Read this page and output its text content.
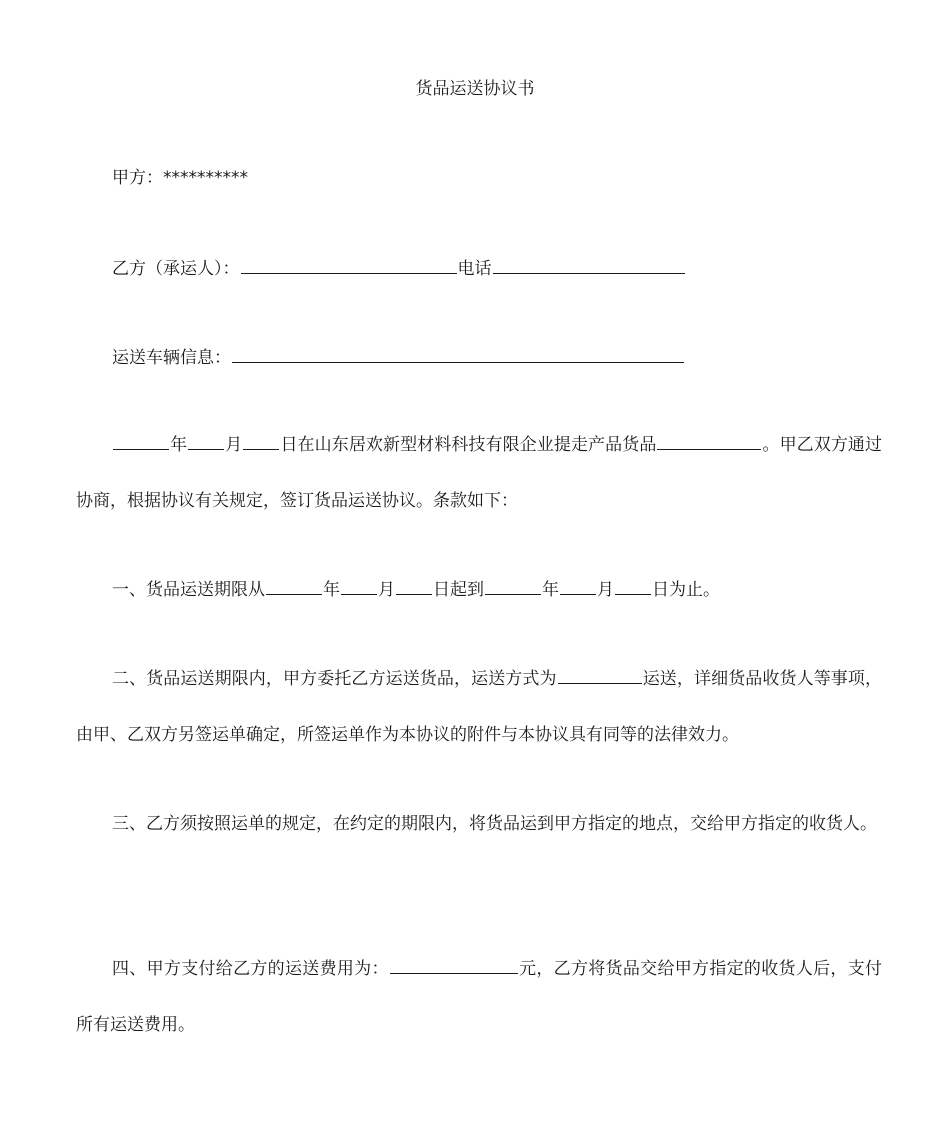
货品运送协议书
甲方：**********
乙方（承运人）：	电话
运送车辆信息：
年 月 日在山东居欢新型材料科技有限企业提走产品货品	。甲乙双方通过协商，根据协议有关规定，签订货品运送协议。条款如下：
一、货品运送期限从	年 月 日起到	年 月 日为止。
二、货品运送期限内，甲方委托乙方运送货品，运送方式为	运送，详细货品收货人等事项，由甲、乙双方另签运单确定，所签运单作为本协议的附件与本协议具有同等的法律效力。
三、乙方须按照运单的规定，在约定的期限内，将货品运到甲方指定的地点，交给甲方指定的收货人。
四、甲方支付给乙方的运送费用为：	元，乙方将货品交给甲方指定的收货人后，支付所有运送费用。
